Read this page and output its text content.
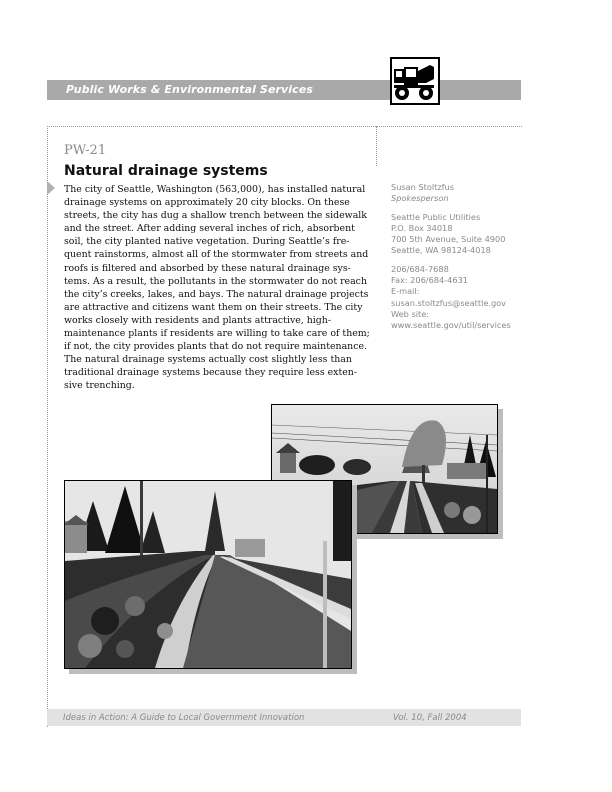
Public Works & Environmental Services
PW-21
Natural drainage systems
The city of Seattle, Washington (563,000), has installed natural
drainage systems on approximately 20 city blocks. On these
streets, the city has dug a shallow trench between the sidewalk
and the street. After adding several inches of rich, absorbent
soil, the city planted native vegetation. During Seattle’s fre-
quent rainstorms, almost all of the stormwater from streets and
roofs is filtered and absorbed by these natural drainage sys-
tems. As a result, the pollutants in the stormwater do not reach
the city’s creeks, lakes, and bays. The natural drainage projects
are attractive and citizens want them on their streets. The city
works closely with residents and plants attractive, high-
maintenance plants if residents are willing to take care of them;
if not, the city provides plants that do not require maintenance.
The natural drainage systems actually cost slightly less than
traditional drainage systems because they require less exten-
sive trenching.
Susan Stoltzfus
Spokesperson
Seattle Public Utilities
P.O. Box 34018
700 5th Avenue, Suite 4900
Seattle, WA 98124-4018
206/684-7688
Fax: 206/684-4631
E-mail:
susan.stoltzfus@seattle.gov
Web site:
www.seattle.gov/util/services
Ideas in Action: A Guide to Local Government Innovation	Vol. 10, Fall 2004
